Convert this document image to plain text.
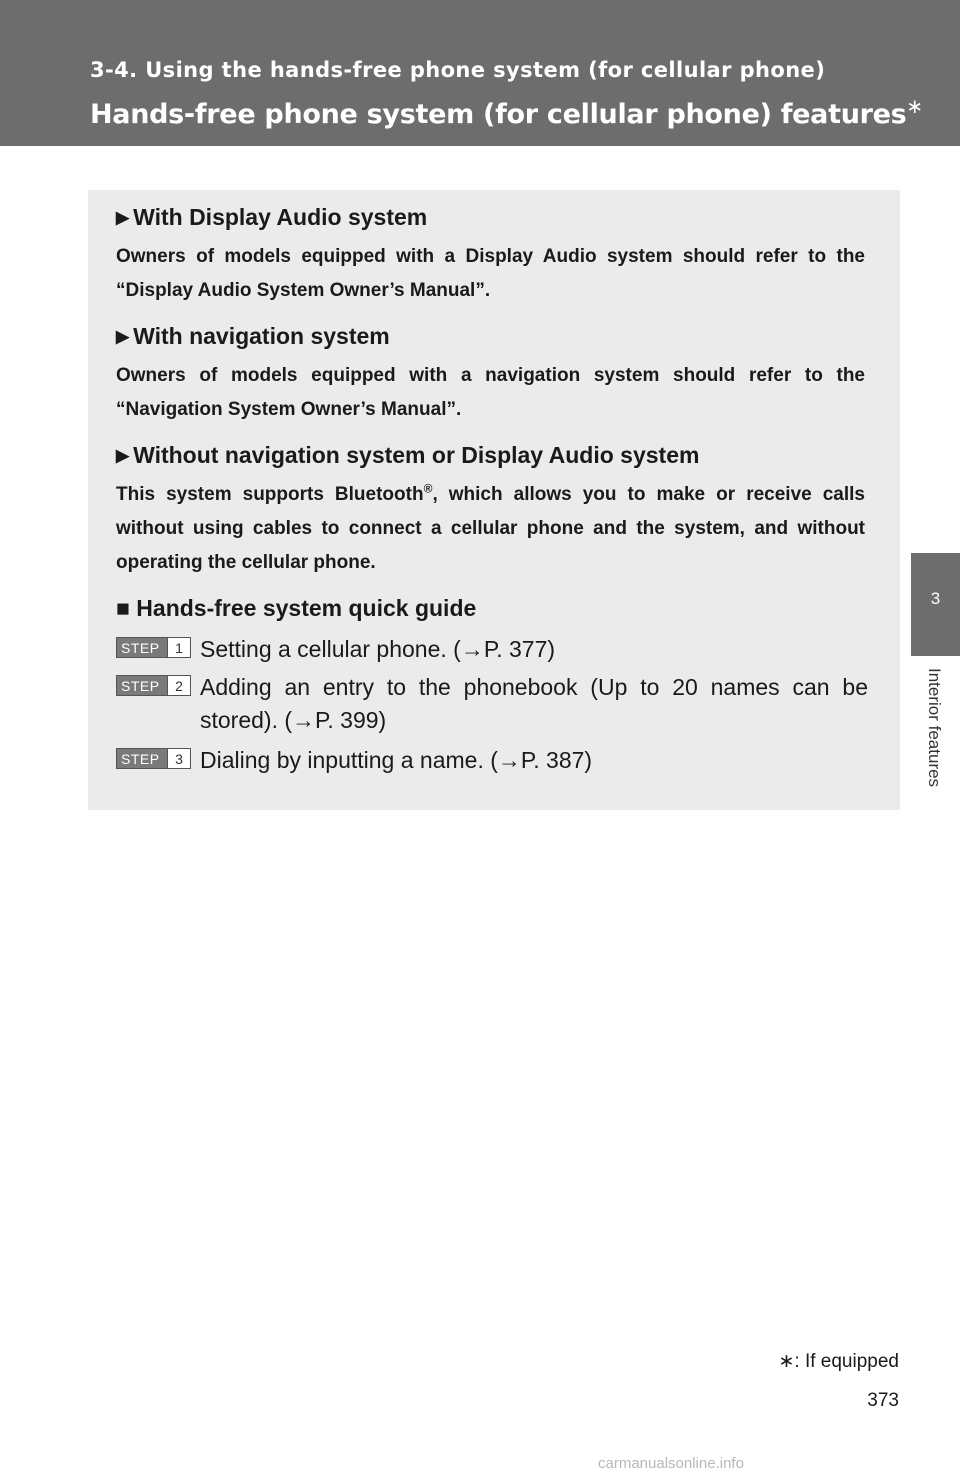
3-4. Using the hands-free phone system (for cellular phone)
Hands-free phone system (for cellular phone) features∗
3
Interior features
▶ With Display Audio system
Owners of models equipped with a Display Audio system should refer to the “Display Audio System Owner’s Manual”.
▶ With navigation system
Owners of models equipped with a navigation system should refer to the “Navigation System Owner’s Manual”.
▶ Without navigation system or Display Audio system
This system supports Bluetooth®, which allows you to make or receive calls without using cables to connect a cellular phone and the system, and without operating the cellular phone.
■ Hands-free system quick guide
STEP	1 Setting a cellular phone. (→P. 377)
STEP	2 Adding an entry to the phonebook (Up to 20 names can be stored). (→P. 399)
STEP	3 Dialing by inputting a name. (→P. 387)
∗: If equipped
373
carmanualsonline.info
